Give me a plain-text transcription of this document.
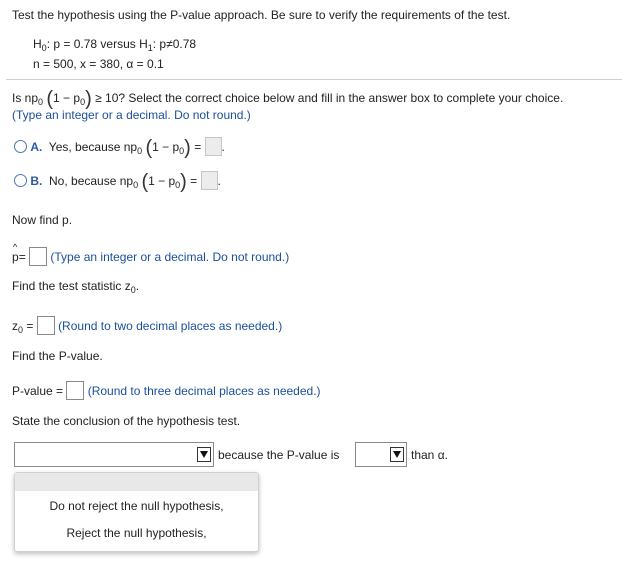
Test the hypothesis using the P-value approach. Be sure to verify the requirements of the test.
$H_0$: p = 0.78 versus $H_1$: p≠0.78
n = 500, x = 380, α = 0.1
Is $np_0$ $(1 - p_0) \ge 10$? Select the correct choice below and fill in the answer box to complete your choice.
(Type an integer or a decimal. Do not round.)
A. Yes, because $np_0$ $(1 - p_0)$ = .
B. No, because $np_0$ $(1 - p_0)$ = .
Now find p.
^ p= (Type an integer or a decimal. Do not round.)
Find the test statistic $z_0$.
$z_0$ = (Round to two decimal places as needed.)
Find the P-value.
P-value = (Round to three decimal places as needed.)
State the conclusion of the hypothesis test.
because the P-value is	than α.
Do not reject the null hypothesis,
Reject the null hypothesis,
